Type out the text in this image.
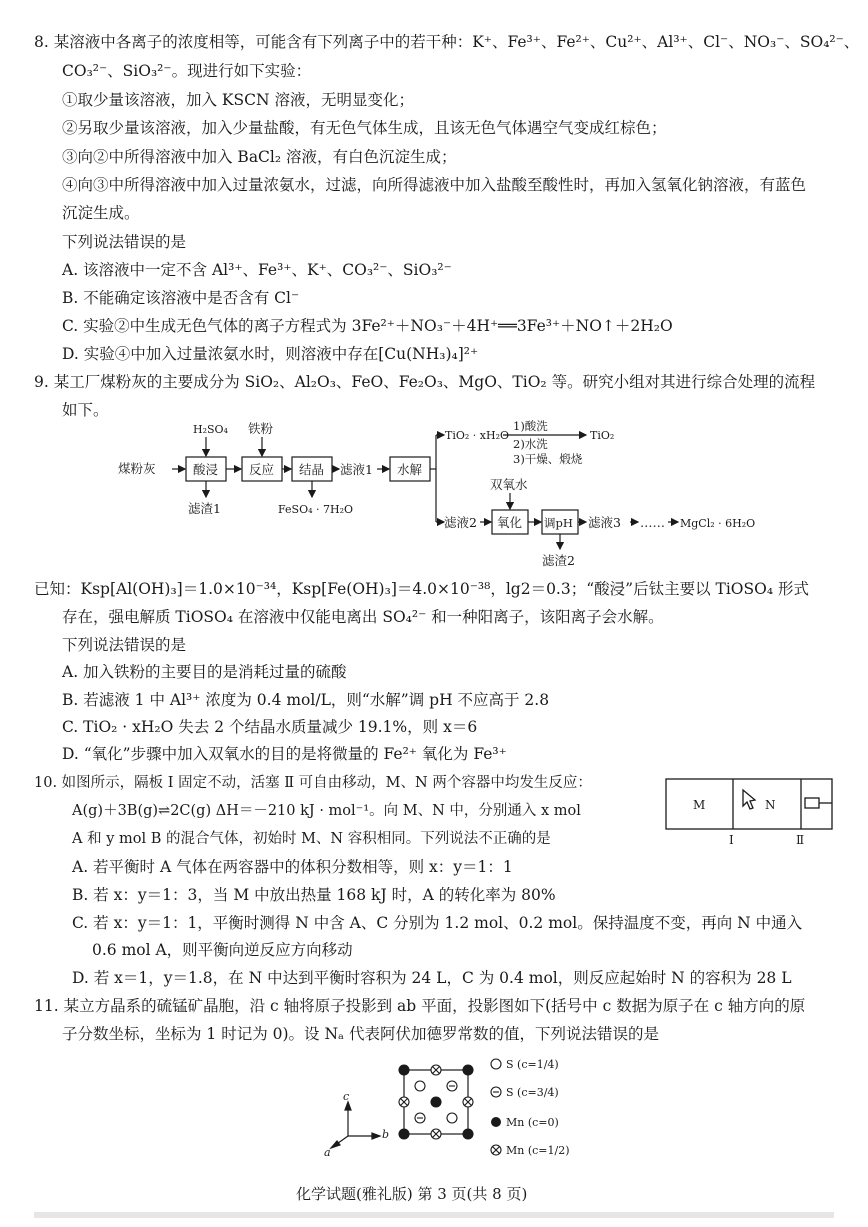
8. 某溶液中各离子的浓度相等，可能含有下列离子中的若干种：K⁺、Fe³⁺、Fe²⁺、Cu²⁺、Al³⁺、Cl⁻、NO₃⁻、SO₄²⁻、
CO₃²⁻、SiO₃²⁻。现进行如下实验：
①取少量该溶液，加入 KSCN 溶液，无明显变化；
②另取少量该溶液，加入少量盐酸，有无色气体生成，且该无色气体遇空气变成红棕色；
③向②中所得溶液中加入 BaCl₂ 溶液，有白色沉淀生成；
④向③中所得溶液中加入过量浓氨水，过滤，向所得滤液中加入盐酸至酸性时，再加入氢氧化钠溶液，有蓝色
沉淀生成。
下列说法错误的是
A. 该溶液中一定不含 Al³⁺、Fe³⁺、K⁺、CO₃²⁻、SiO₃²⁻
B. 不能确定该溶液中是否含有 Cl⁻
C. 实验②中生成无色气体的离子方程式为 3Fe²⁺＋NO₃⁻＋4H⁺══3Fe³⁺＋NO↑＋2H₂O
D. 实验④中加入过量浓氨水时，则溶液中存在[Cu(NH₃)₄]²⁺
9. 某工厂煤粉灰的主要成分为 SiO₂、Al₂O₃、FeO、Fe₂O₃、MgO、TiO₂ 等。研究小组对其进行综合处理的流程
如下。
煤粉灰
H₂SO₄ 铁粉
酸浸 反应 结晶 滤液1 水解
滤渣1	FeSO₄ · 7H₂O
TiO₂ · xH₂O
1)酸洗
2)水洗
3)干燥、煅烧
TiO₂
双氧水
滤液2 氧化 调pH 滤液3 …… MgCl₂ · 6H₂O
滤渣2
已知：Ksp[Al(OH)₃]＝1.0×10⁻³⁴，Ksp[Fe(OH)₃]＝4.0×10⁻³⁸，lg2＝0.3；“酸浸”后钛主要以 TiOSO₄ 形式
存在，强电解质 TiOSO₄ 在溶液中仅能电离出 SO₄²⁻ 和一种阳离子，该阳离子会水解。
下列说法错误的是
A. 加入铁粉的主要目的是消耗过量的硫酸
B. 若滤液 1 中 Al³⁺ 浓度为 0.4 mol/L，则“水解”调 pH 不应高于 2.8
C. TiO₂ · xH₂O 失去 2 个结晶水质量减少 19.1%，则 x＝6
D. “氧化”步骤中加入双氧水的目的是将微量的 Fe²⁺ 氧化为 Fe³⁺
10. 如图所示，隔板 Ⅰ 固定不动，活塞 Ⅱ 可自由移动，M、N 两个容器中均发生反应：
A(g)＋3B(g)⇌2C(g) ΔH＝－210 kJ · mol⁻¹。向 M、N 中，分别通入 x mol
A 和 y mol B 的混合气体，初始时 M、N 容积相同。下列说法不正确的是
M	N
Ⅰ	Ⅱ
A. 若平衡时 A 气体在两容器中的体积分数相等，则 x：y＝1：1
B. 若 x：y＝1：3，当 M 中放出热量 168 kJ 时，A 的转化率为 80%
C. 若 x：y＝1：1，平衡时测得 N 中含 A、C 分别为 1.2 mol、0.2 mol。保持温度不变，再向 N 中通入
0.6 mol A，则平衡向逆反应方向移动
D. 若 x＝1，y＝1.8，在 N 中达到平衡时容积为 24 L，C 为 0.4 mol，则反应起始时 N 的容积为 28 L
11. 某立方晶系的硫锰矿晶胞，沿 c 轴将原子投影到 ab 平面，投影图如下(括号中 c 数据为原子在 c 轴方向的原
子分数坐标，坐标为 1 时记为 0)。设 Nₐ 代表阿伏加德罗常数的值，下列说法错误的是
c
b
a
S (c=1/4)
S (c=3/4)
Mn (c=0)
Mn (c=1/2)
化学试题(雅礼版) 第 3 页(共 8 页)
